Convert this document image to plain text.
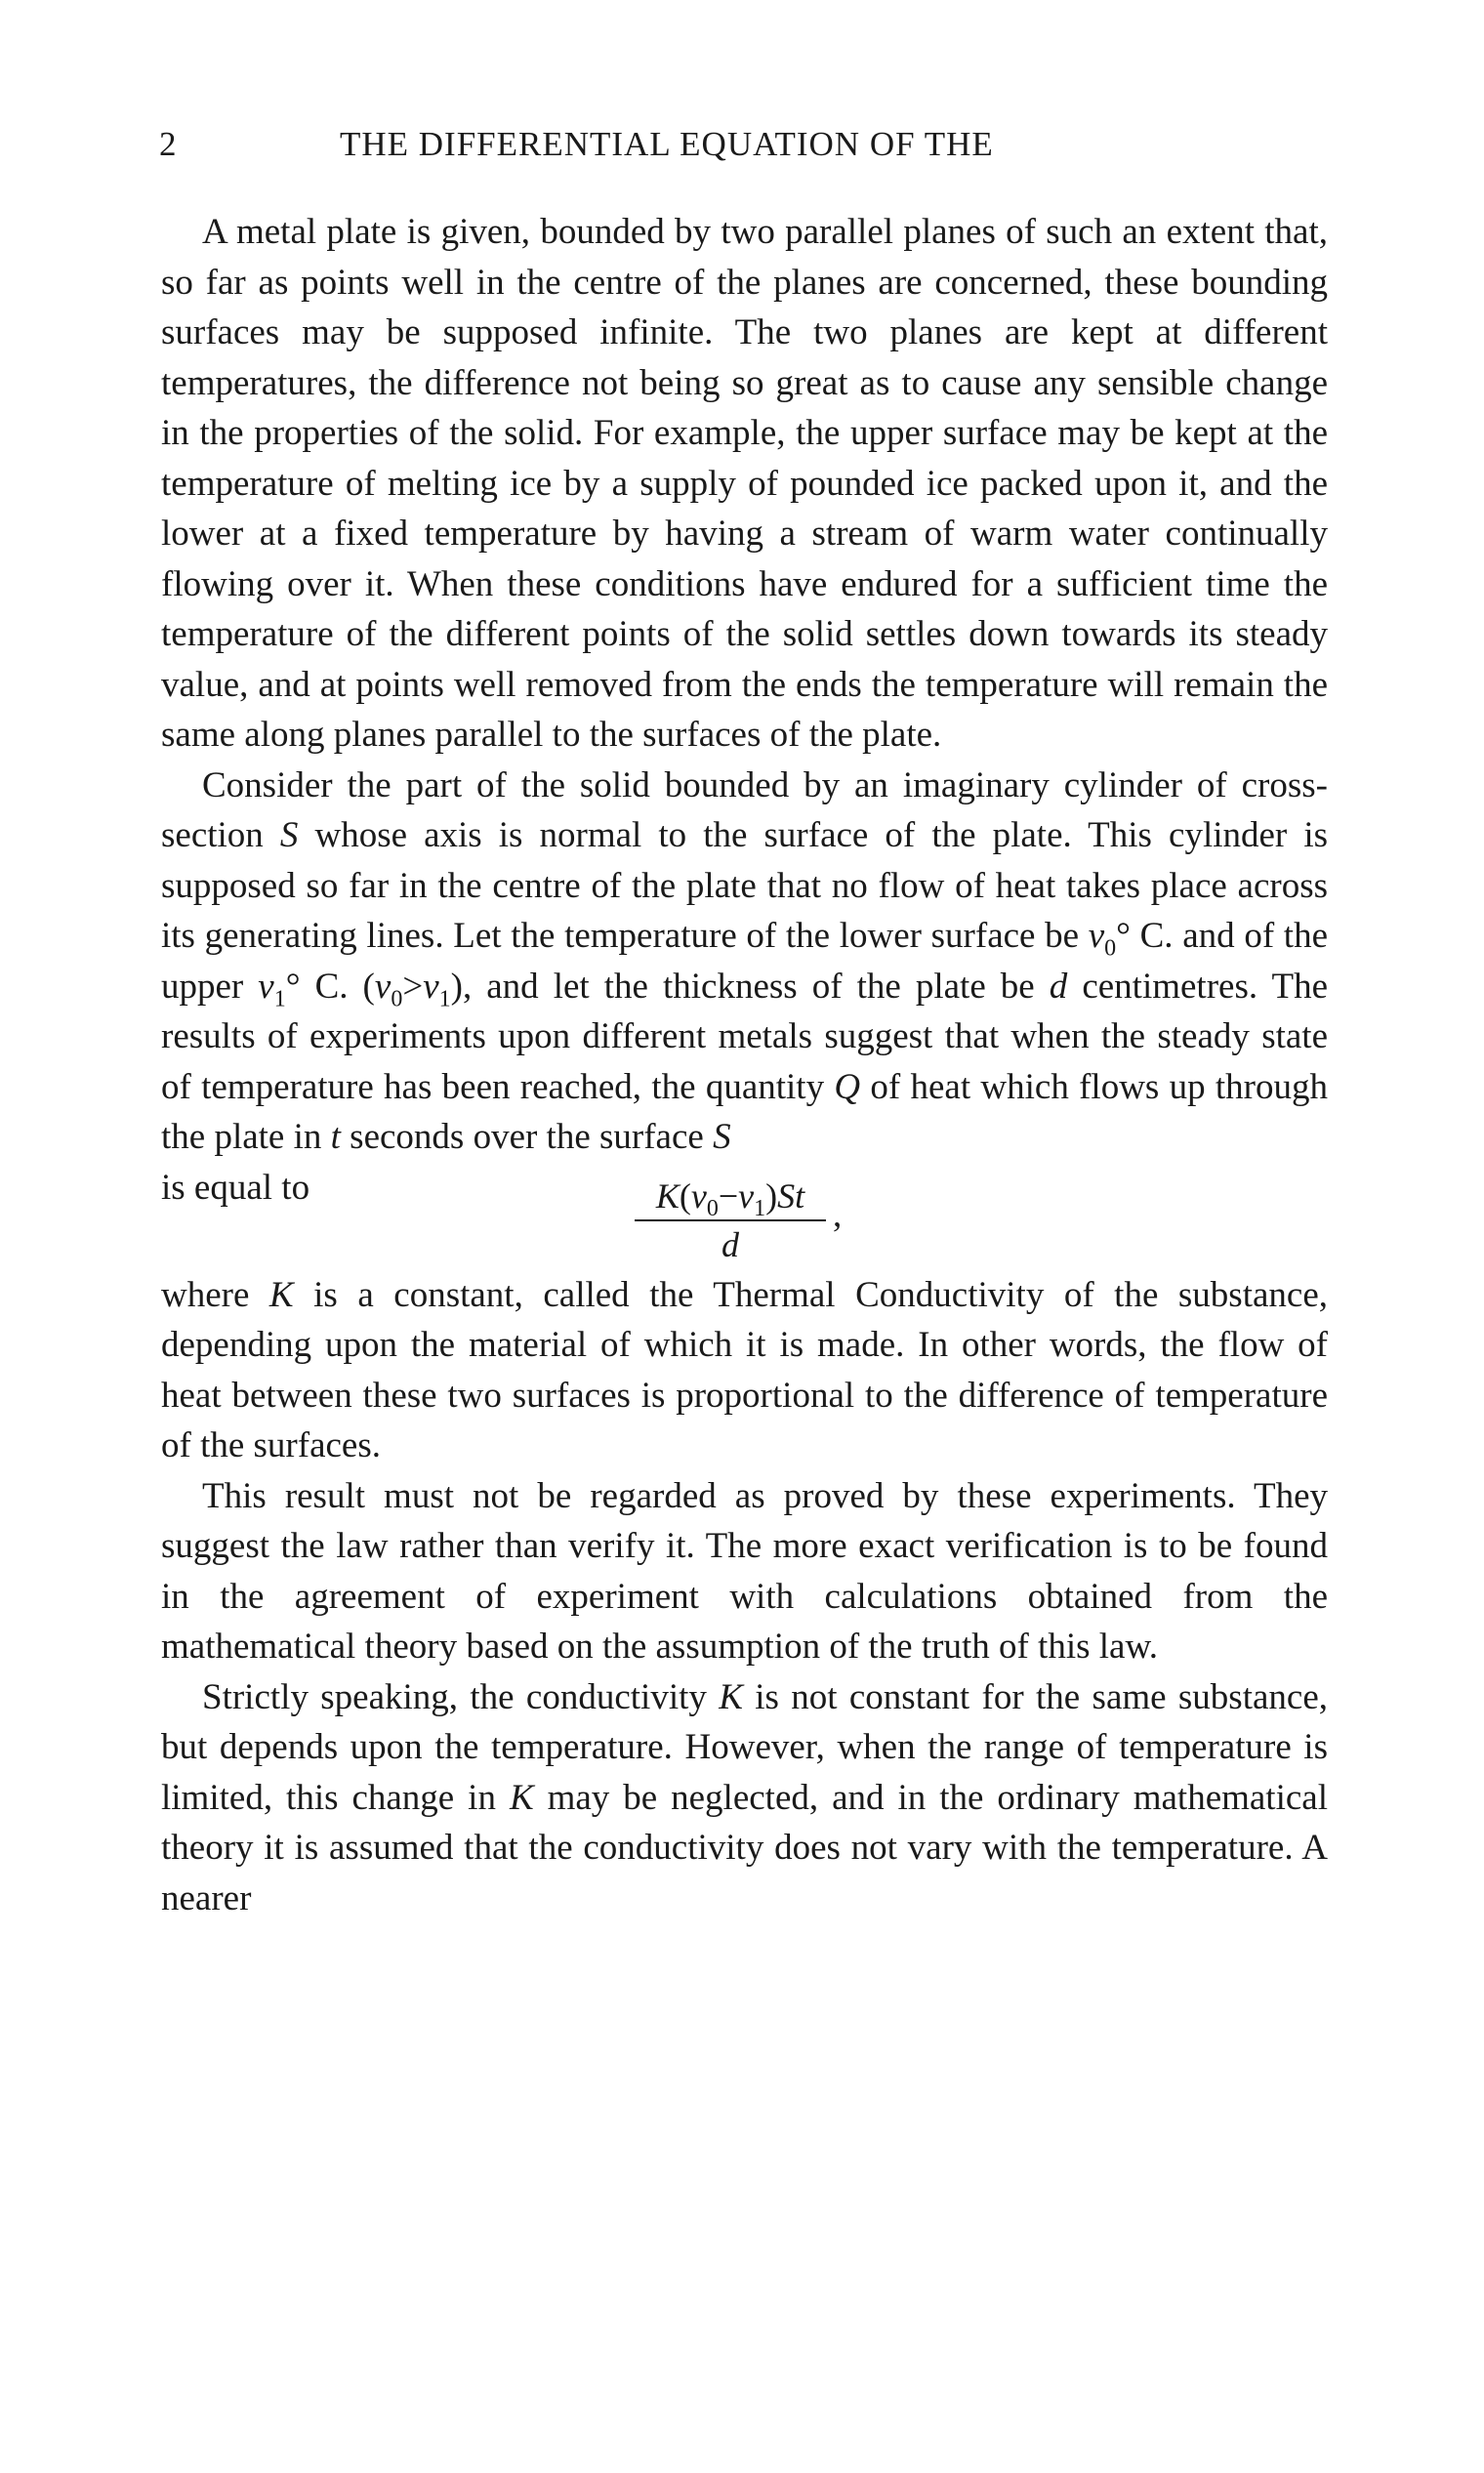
2	THE DIFFERENTIAL EQUATION OF THE

A metal plate is given, bounded by two parallel planes of such an extent that, so far as points well in the centre of the planes are concerned, these bounding surfaces may be supposed infinite. The two planes are kept at different temperatures, the difference not being so great as to cause any sensible change in the properties of the solid. For example, the upper surface may be kept at the temperature of melting ice by a supply of pounded ice packed upon it, and the lower at a fixed temperature by having a stream of warm water continually flowing over it. When these conditions have endured for a sufficient time the temperature of the different points of the solid settles down towards its steady value, and at points well removed from the ends the temperature will remain the same along planes parallel to the surfaces of the plate.

Consider the part of the solid bounded by an imaginary cylinder of cross-section S whose axis is normal to the surface of the plate. This cylinder is supposed so far in the centre of the plate that no flow of heat takes place across its generating lines. Let the temperature of the lower surface be $v_0^\circ$ C. and of the upper $v_1^\circ$ C. $(v_0>v_1)$, and let the thickness of the plate be d centimetres. The results of experiments upon different metals suggest that when the steady state of temperature has been reached, the quantity Q of heat which flows up through the plate in t seconds over the surface S

is equal to	$K(v_0-v_1)St$
d
,

where K is a constant, called the Thermal Conductivity of the substance, depending upon the material of which it is made. In other words, the flow of heat between these two surfaces is proportional to the difference of temperature of the surfaces.

This result must not be regarded as proved by these experiments. They suggest the law rather than verify it. The more exact verification is to be found in the agreement of experiment with calculations obtained from the mathematical theory based on the assumption of the truth of this law.

Strictly speaking, the conductivity K is not constant for the same substance, but depends upon the temperature. However, when the range of temperature is limited, this change in K may be neglected, and in the ordinary mathematical theory it is assumed that the conductivity does not vary with the temperature. A nearer
